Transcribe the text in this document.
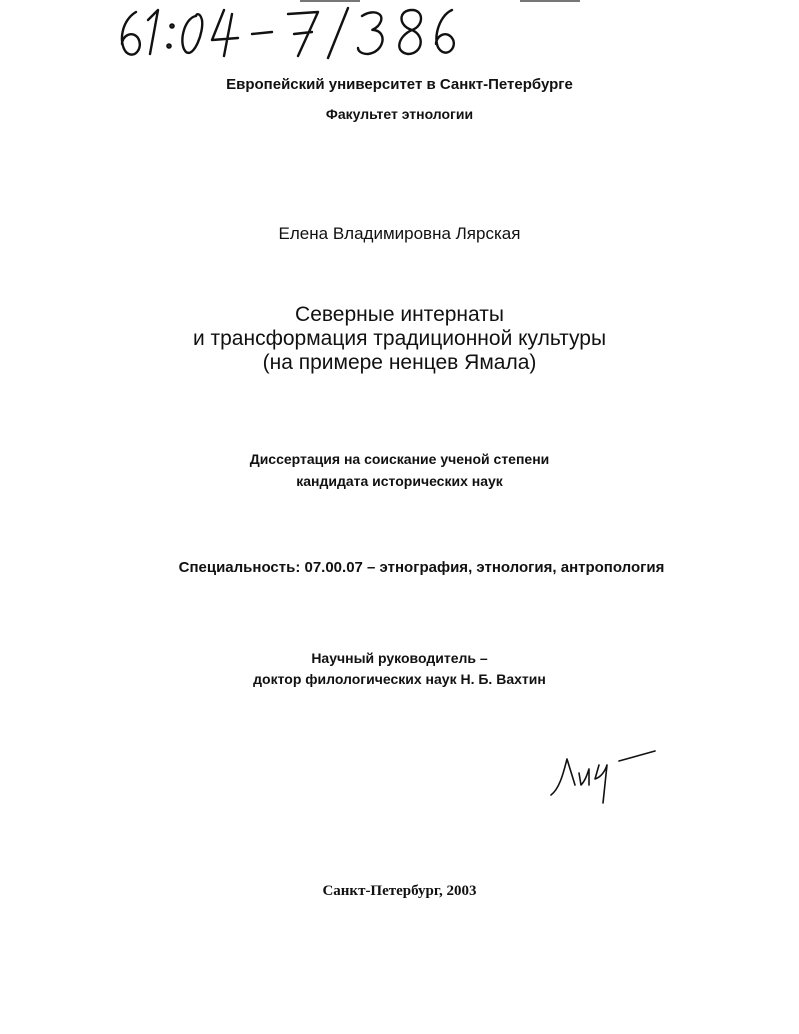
Европейский университет в Санкт-Петербурге
Факультет этнологии
Елена Владимировна Лярская
Северные интернаты
и трансформация традиционной культуры
(на примере ненцев Ямала)
Диссертация на соискание ученой степени
кандидата исторических наук
Специальность: 07.00.07 – этнография, этнология, антропология
Научный руководитель –
доктор филологических наук Н. Б. Вахтин
Санкт-Петербург, 2003
